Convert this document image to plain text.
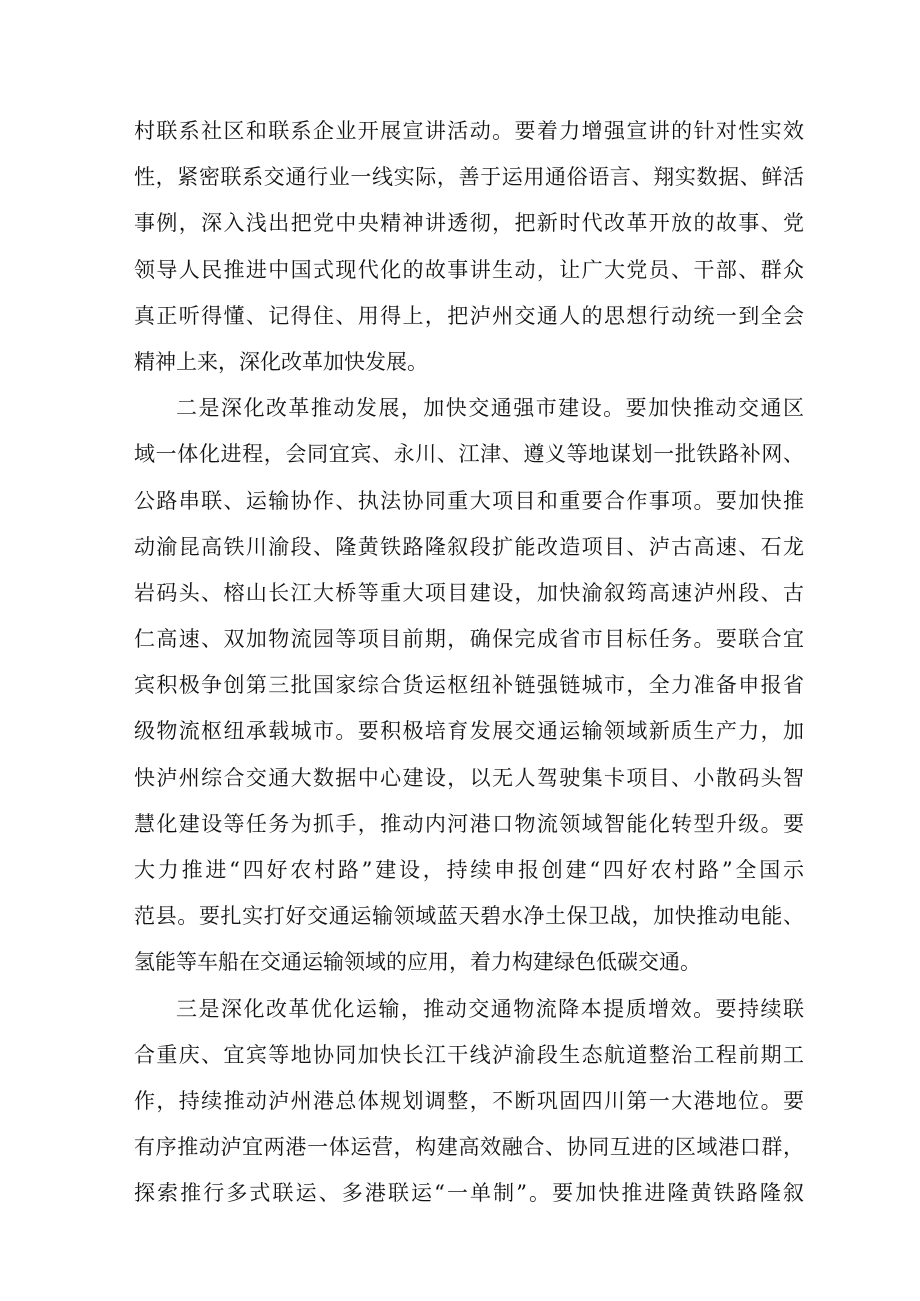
村联系社区和联系企业开展宣讲活动。要着力增强宣讲的针对性实效
性，紧密联系交通行业一线实际，善于运用通俗语言、翔实数据、鲜活
事例，深入浅出把党中央精神讲透彻，把新时代改革开放的故事、党
领导人民推进中国式现代化的故事讲生动，让广大党员、干部、群众
真正听得懂、记得住、用得上，把泸州交通人的思想行动统一到全会
精神上来，深化改革加快发展。
二是深化改革推动发展，加快交通强市建设。要加快推动交通区
域一体化进程，会同宜宾、永川、江津、遵义等地谋划一批铁路补网、
公路串联、运输协作、执法协同重大项目和重要合作事项。要加快推
动渝昆高铁川渝段、隆黄铁路隆叙段扩能改造项目、泸古高速、石龙
岩码头、榕山长江大桥等重大项目建设，加快渝叙筠高速泸州段、古
仁高速、双加物流园等项目前期，确保完成省市目标任务。要联合宜
宾积极争创第三批国家综合货运枢纽补链强链城市，全力准备申报省
级物流枢纽承载城市。要积极培育发展交通运输领域新质生产力，加
快泸州综合交通大数据中心建设，以无人驾驶集卡项目、小散码头智
慧化建设等任务为抓手，推动内河港口物流领域智能化转型升级。要
大力推进“四好农村路”建设，持续申报创建“四好农村路”全国示
范县。要扎实打好交通运输领域蓝天碧水净土保卫战，加快推动电能、
氢能等车船在交通运输领域的应用，着力构建绿色低碳交通。
三是深化改革优化运输，推动交通物流降本提质增效。要持续联
合重庆、宜宾等地协同加快长江干线泸渝段生态航道整治工程前期工
作，持续推动泸州港总体规划调整，不断巩固四川第一大港地位。要
有序推动泸宜两港一体运营，构建高效融合、协同互进的区域港口群，
探索推行多式联运、多港联运“一单制”。要加快推进隆黄铁路隆叙
